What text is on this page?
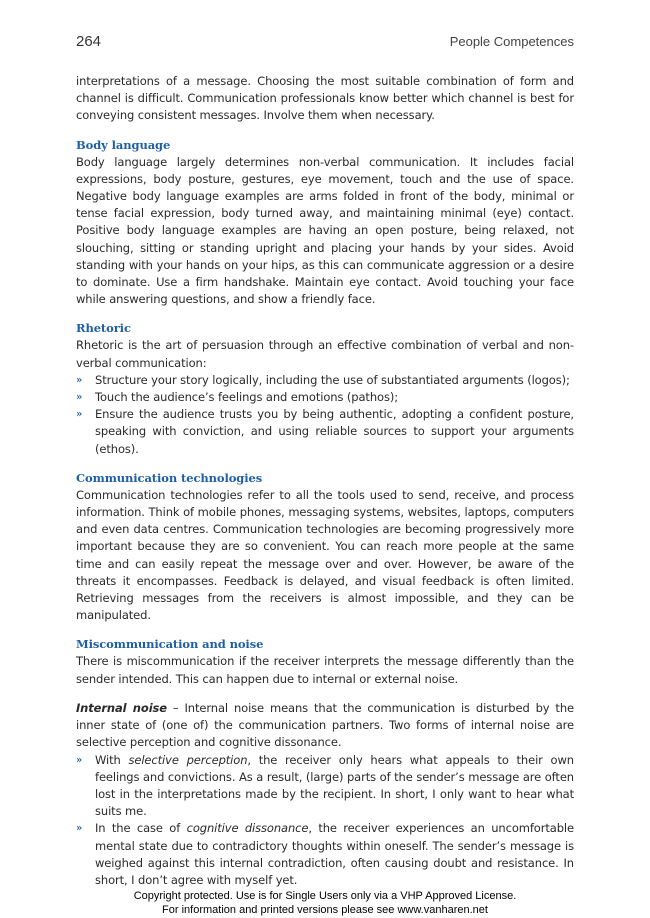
264	People Competences

interpretations of a message. Choosing the most suitable combination of form and channel is difficult. Communication professionals know better which channel is best for conveying consistent messages. Involve them when necessary.

Body language

Body language largely determines non-verbal communication. It includes facial expressions, body posture, gestures, eye movement, touch and the use of space. Negative body language examples are arms folded in front of the body, minimal or tense facial expression, body turned away, and maintaining minimal (eye) contact. Positive body language examples are having an open posture, being relaxed, not slouching, sitting or standing upright and placing your hands by your sides. Avoid standing with your hands on your hips, as this can communicate aggression or a desire to dominate. Use a firm handshake. Maintain eye contact. Avoid touching your face while answering questions, and show a friendly face.

Rhetoric

Rhetoric is the art of persuasion through an effective combination of verbal and non-verbal communication:

» Structure your story logically, including the use of substantiated arguments (logos);
» Touch the audience’s feelings and emotions (pathos);
» Ensure the audience trusts you by being authentic, adopting a confident posture, speaking with conviction, and using reliable sources to support your arguments (ethos).
Communication technologies

Communication technologies refer to all the tools used to send, receive, and process information. Think of mobile phones, messaging systems, websites, laptops, computers and even data centres. Communication technologies are becoming progressively more important because they are so convenient. You can reach more people at the same time and can easily repeat the message over and over. However, be aware of the threats it encompasses. Feedback is delayed, and visual feedback is often limited. Retrieving messages from the receivers is almost impossible, and they can be manipulated.

Miscommunication and noise

There is miscommunication if the receiver interprets the message differently than the sender intended. This can happen due to internal or external noise.

Internal noise – Internal noise means that the communication is disturbed by the inner state of (one of) the communication partners. Two forms of internal noise are selective perception and cognitive dissonance.

» With selective perception, the receiver only hears what appeals to their own feelings and convictions. As a result, (large) parts of the sender’s message are often lost in the interpretations made by the recipient. In short, I only want to hear what suits me.
» In the case of cognitive dissonance, the receiver experiences an uncomfortable mental state due to contradictory thoughts within oneself. The sender’s message is weighed against this internal contradiction, often causing doubt and resistance. In short, I don’t agree with myself yet.
Copyright protected. Use is for Single Users only via a VHP Approved License.
For information and printed versions please see www.vanharen.net
